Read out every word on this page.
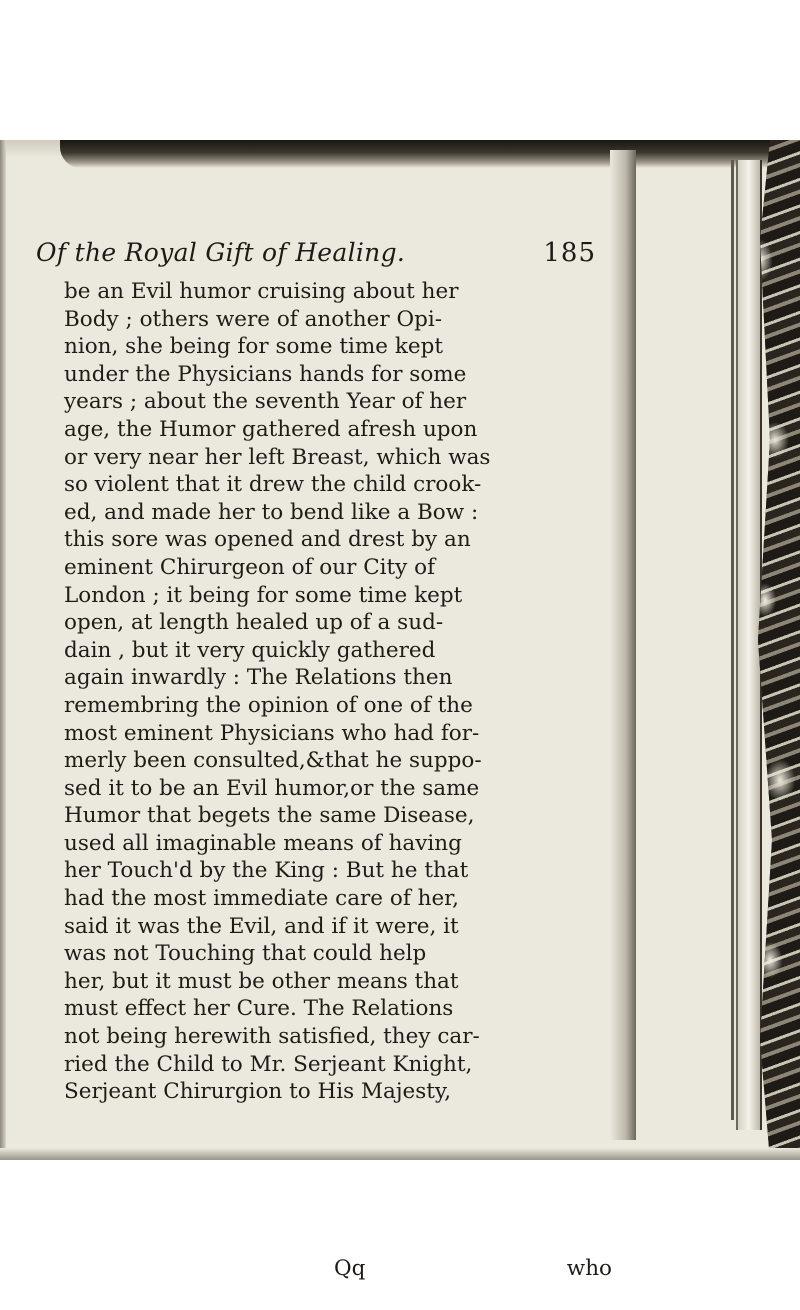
Of the Royal Gift of Healing.	185
be an Evil humor cruising about her
Body ; others were of another Opi-
nion, she being for some time kept
under the Physicians hands for some
years ; about the seventh Year of her
age, the Humor gathered afresh upon
or very near her left Breast, which was
so violent that it drew the child crook-
ed, and made her to bend like a Bow :
this sore was opened and drest by an
eminent Chirurgeon of our City of
London ; it being for some time kept
open, at length healed up of a sud-
dain , but it very quickly gathered
again inwardly : The Relations then
remembring the opinion of one of the
most eminent Physicians who had for-
merly been consulted,&that he suppo-
sed it to be an Evil humor,or the same
Humor that begets the same Disease,
used all imaginable means of having
her Touch'd by the King : But he that
had the most immediate care of her,
said it was the Evil, and if it were, it
was not Touching that could help
her, but it must be other means that
must effect her Cure. The Relations
not being herewith satisfied, they car-
ried the Child to Mr. Serjeant Knight,
Serjeant Chirurgion to His Majesty,
Qq	who
